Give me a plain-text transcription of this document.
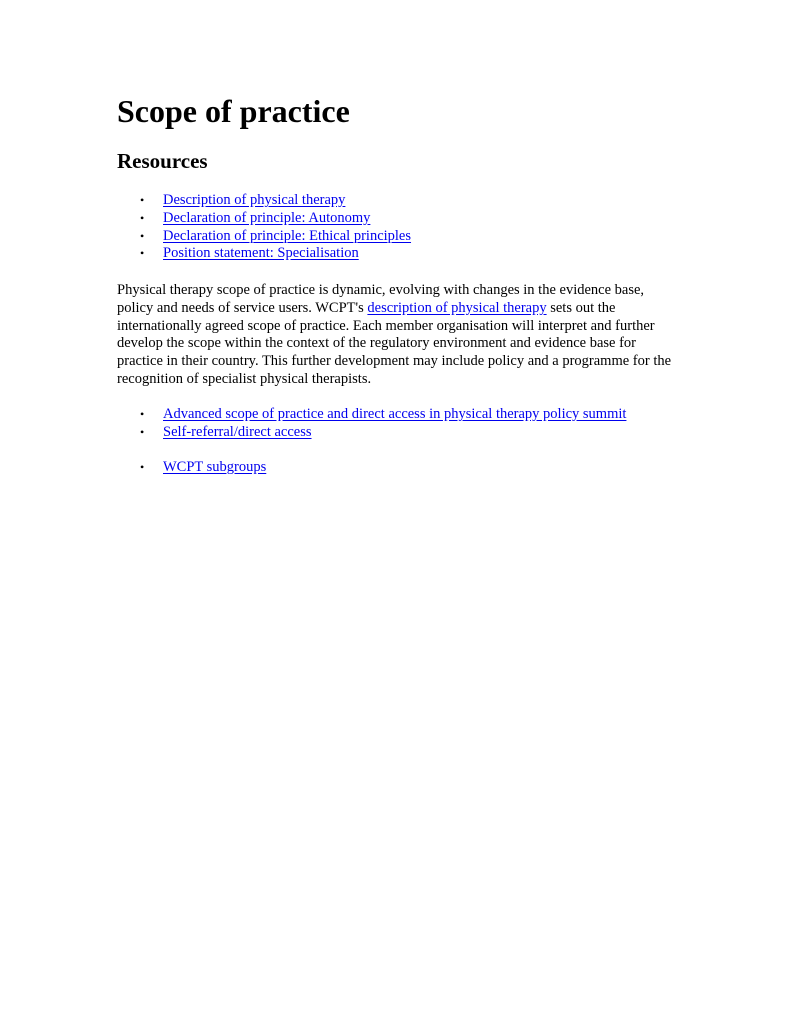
Scope of practice
Resources
• Description of physical therapy
• Declaration of principle: Autonomy
• Declaration of principle: Ethical principles
• Position statement: Specialisation

Physical therapy scope of practice is dynamic, evolving with changes in the evidence base, policy and needs of service users. WCPT's description of physical therapy sets out the internationally agreed scope of practice. Each member organisation will interpret and further develop the scope within the context of the regulatory environment and evidence base for practice in their country. This further development may include policy and a programme for the recognition of specialist physical therapists.

• Advanced scope of practice and direct access in physical therapy policy summit
• Self-referral/direct access
• WCPT subgroups
